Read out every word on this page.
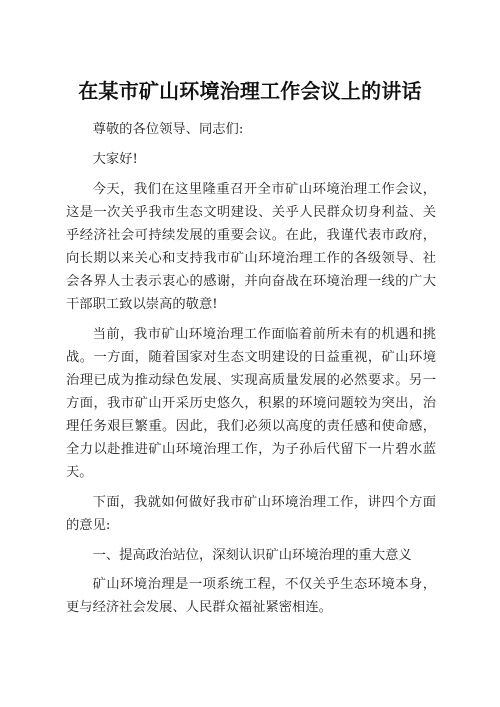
在某市矿山环境治理工作会议上的讲话

尊敬的各位领导、同志们:

大家好!

今天，我们在这里隆重召开全市矿山环境治理工作会议，这是一次关乎我市生态文明建设、关乎人民群众切身利益、关乎经济社会可持续发展的重要会议。在此，我谨代表市政府，向长期以来关心和支持我市矿山环境治理工作的各级领导、社会各界人士表示衷心的感谢，并向奋战在环境治理一线的广大干部职工致以崇高的敬意!

当前，我市矿山环境治理工作面临着前所未有的机遇和挑战。一方面，随着国家对生态文明建设的日益重视，矿山环境治理已成为推动绿色发展、实现高质量发展的必然要求。另一方面，我市矿山开采历史悠久，积累的环境问题较为突出，治理任务艰巨繁重。因此，我们必须以高度的责任感和使命感，全力以赴推进矿山环境治理工作，为子孙后代留下一片碧水蓝天。

下面，我就如何做好我市矿山环境治理工作，讲四个方面的意见:

一、提高政治站位，深刻认识矿山环境治理的重大意义

矿山环境治理是一项系统工程，不仅关乎生态环境本身，更与经济社会发展、人民群众福祉紧密相连。
